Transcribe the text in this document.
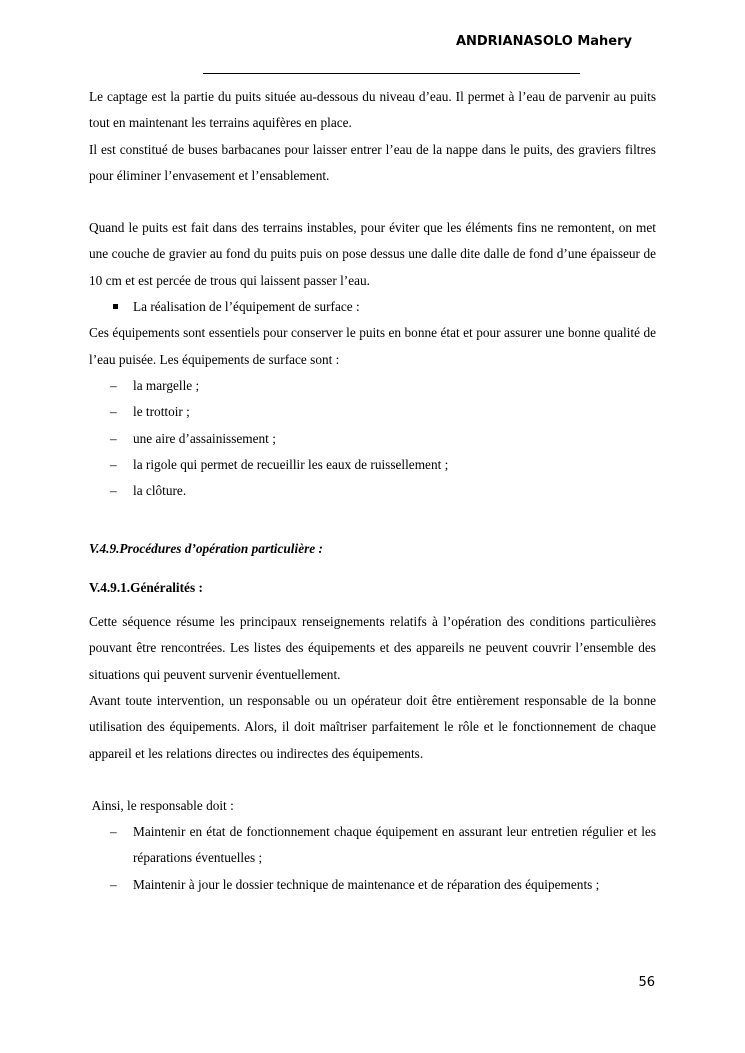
ANDRIANASOLO Mahery

Le captage est la partie du puits située au-dessous du niveau d’eau. Il permet à l’eau de parvenir au puits tout en maintenant les terrains aquifères en place.

Il est constitué de buses barbacanes pour laisser entrer l’eau de la nappe dans le puits, des graviers filtres pour éliminer l’envasement et l’ensablement.

Quand le puits est fait dans des terrains instables, pour éviter que les éléments fins ne remontent, on met une couche de gravier au fond du puits puis on pose dessus une dalle dite dalle de fond d’une épaisseur de 10 cm et est percée de trous qui laissent passer l’eau.

La réalisation de l’équipement de surface :

Ces équipements sont essentiels pour conserver le puits en bonne état et pour assurer une bonne qualité de l’eau puisée. Les équipements de surface sont :

– la margelle ;
– le trottoir ;
– une aire d’assainissement ;
– la rigole qui permet de recueillir les eaux de ruissellement ;
– la clôture.

V.4.9.Procédures d’opération particulière :

V.4.9.1.Généralités :

Cette séquence résume les principaux renseignements relatifs à l’opération des conditions particulières pouvant être rencontrées. Les listes des équipements et des appareils ne peuvent couvrir l’ensemble des situations qui peuvent survenir éventuellement.

Avant toute intervention, un responsable ou un opérateur doit être entièrement responsable de la bonne utilisation des équipements. Alors, il doit maîtriser parfaitement le rôle et le fonctionnement de chaque appareil et les relations directes ou indirectes des équipements.

Ainsi, le responsable doit :

– Maintenir en état de fonctionnement chaque équipement en assurant leur entretien régulier et les réparations éventuelles ;
– Maintenir à jour le dossier technique de maintenance et de réparation des équipements ;
56
